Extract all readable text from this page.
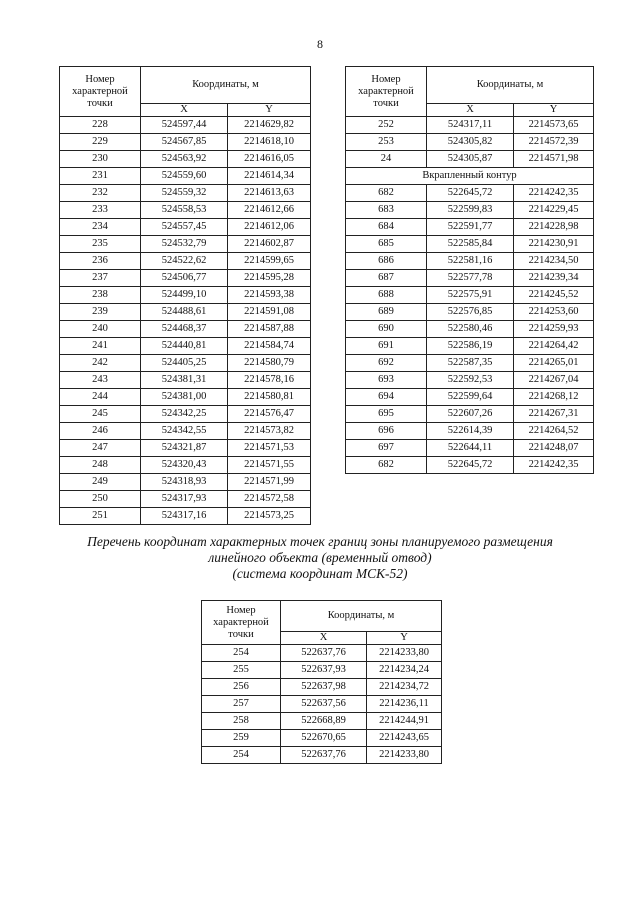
8
Номер характерной точки	Координаты, м	
	X	Y
228	524597,44	2214629,82
229	524567,85	2214618,10
230	524563,92	2214616,05
231	524559,60	2214614,34
232	524559,32	2214613,63
233	524558,53	2214612,66
234	524557,45	2214612,06
235	524532,79	2214602,87
236	524522,62	2214599,65
237	524506,77	2214595,28
238	524499,10	2214593,38
239	524488,61	2214591,08
240	524468,37	2214587,88
241	524440,81	2214584,74
242	524405,25	2214580,79
243	524381,31	2214578,16
244	524381,00	2214580,81
245	524342,25	2214576,47
246	524342,55	2214573,82
247	524321,87	2214571,53
248	524320,43	2214571,55
249	524318,93	2214571,99
250	524317,93	2214572,58
251	524317,16	2214573,25
Номер характерной точки	Координаты, м	
	X	Y
252	524317,11	2214573,65
253	524305,82	2214572,39
24	524305,87	2214571,98
Вкрапленный контур		
682	522645,72	2214242,35
683	522599,83	2214229,45
684	522591,77	2214228,98
685	522585,84	2214230,91
686	522581,16	2214234,50
687	522577,78	2214239,34
688	522575,91	2214245,52
689	522576,85	2214253,60
690	522580,46	2214259,93
691	522586,19	2214264,42
692	522587,35	2214265,01
693	522592,53	2214267,04
694	522599,64	2214268,12
695	522607,26	2214267,31
696	522614,39	2214264,52
697	522644,11	2214248,07
682	522645,72	2214242,35
Перечень координат характерных точек границ зоны планируемого размещения
линейного объекта (временный отвод)
(система координат МСК-52)
Номер характерной точки	Координаты, м	
	X	Y
254	522637,76	2214233,80
255	522637,93	2214234,24
256	522637,98	2214234,72
257	522637,56	2214236,11
258	522668,89	2214244,91
259	522670,65	2214243,65
254	522637,76	2214233,80
